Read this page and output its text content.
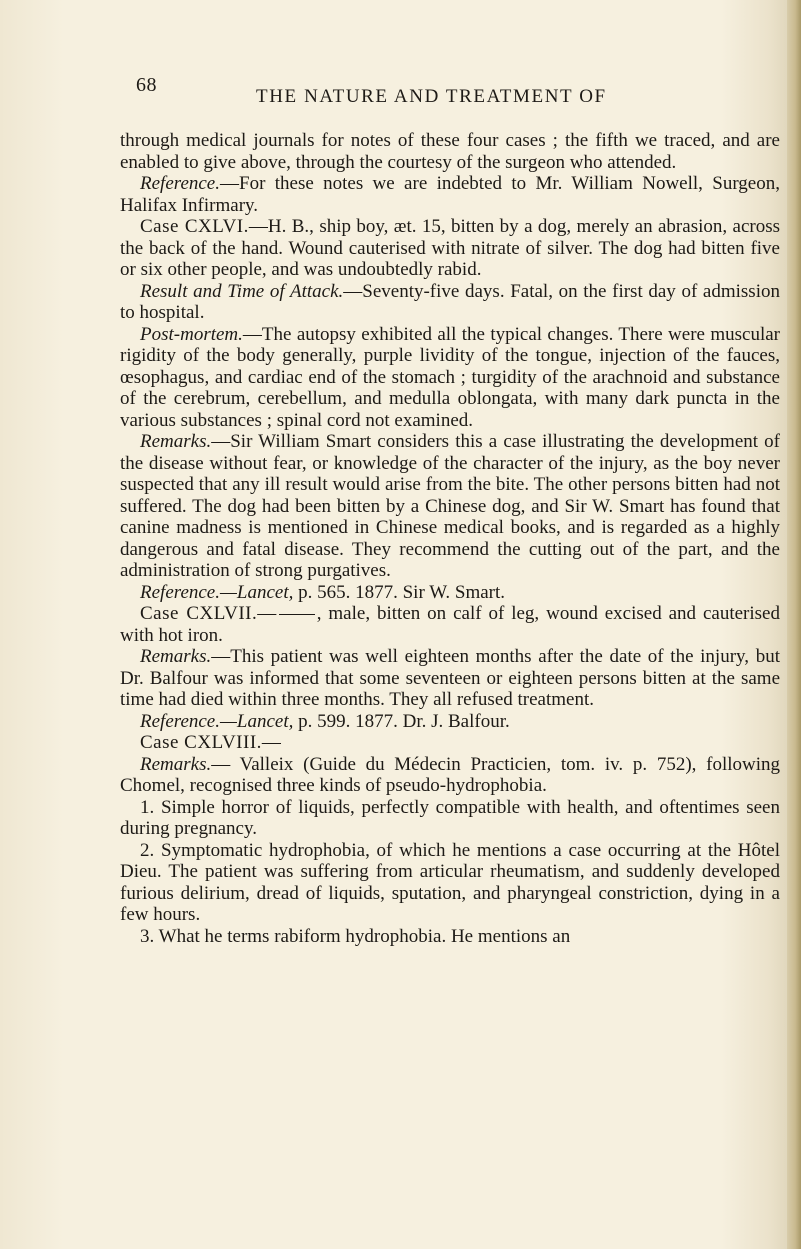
68
THE NATURE AND TREATMENT OF

through medical journals for notes of these four cases ; the fifth we traced, and are enabled to give above, through the courtesy of the surgeon who attended.

Reference.—For these notes we are indebted to Mr. William Nowell, Surgeon, Halifax Infirmary.

Case CXLVI.—H. B., ship boy, æt. 15, bitten by a dog, merely an abrasion, across the back of the hand. Wound cauterised with nitrate of silver. The dog had bitten five or six other people, and was undoubtedly rabid.

Result and Time of Attack.—Seventy-five days. Fatal, on the first day of admission to hospital.

Post-mortem.—The autopsy exhibited all the typical changes. There were muscular rigidity of the body generally, purple lividity of the tongue, injection of the fauces, œsophagus, and cardiac end of the stomach ; turgidity of the arachnoid and substance of the cerebrum, cerebellum, and medulla oblongata, with many dark puncta in the various substances ; spinal cord not examined.

Remarks.—Sir William Smart considers this a case illustrating the development of the disease without fear, or knowledge of the character of the injury, as the boy never suspected that any ill result would arise from the bite. The other persons bitten had not suffered. The dog had been bitten by a Chinese dog, and Sir W. Smart has found that canine madness is mentioned in Chinese medical books, and is regarded as a highly dangerous and fatal disease. They recommend the cutting out of the part, and the administration of strong purgatives.

Reference.—Lancet, p. 565. 1877. Sir W. Smart.

Case CXLVII.— , male, bitten on calf of leg, wound excised and cauterised with hot iron.

Remarks.—This patient was well eighteen months after the date of the injury, but Dr. Balfour was informed that some seventeen or eighteen persons bitten at the same time had died within three months. They all refused treatment.

Reference.—Lancet, p. 599. 1877. Dr. J. Balfour.

Case CXLVIII.—

Remarks.— Valleix (Guide du Médecin Practicien, tom. iv. p. 752), following Chomel, recognised three kinds of pseudo-hydrophobia.

1. Simple horror of liquids, perfectly compatible with health, and oftentimes seen during pregnancy.

2. Symptomatic hydrophobia, of which he mentions a case occurring at the Hôtel Dieu. The patient was suffering from articular rheumatism, and suddenly developed furious delirium, dread of liquids, sputation, and pharyngeal constriction, dying in a few hours.

3. What he terms rabiform hydrophobia. He mentions an
